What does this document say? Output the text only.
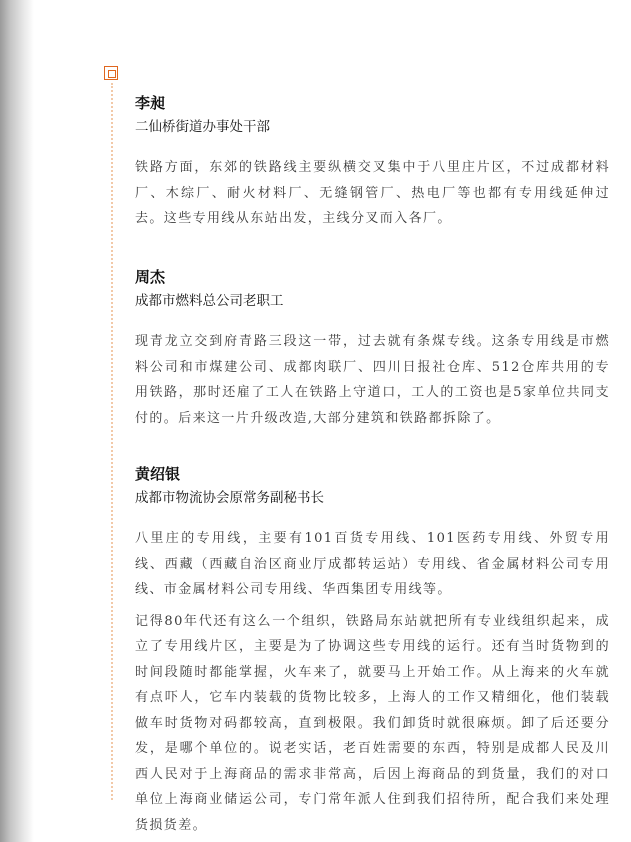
李昶
二仙桥街道办事处干部
铁路方面，东郊的铁路线主要纵横交叉集中于八里庄片区，不过成都材料厂、木综厂、耐火材料厂、无缝钢管厂、热电厂等也都有专用线延伸过去。这些专用线从东站出发，主线分叉而入各厂。
周杰
成都市燃料总公司老职工
现青龙立交到府青路三段这一带，过去就有条煤专线。这条专用线是市燃料公司和市煤建公司、成都肉联厂、四川日报社仓库、512仓库共用的专用铁路，那时还雇了工人在铁路上守道口，工人的工资也是5家单位共同支付的。后来这一片升级改造,大部分建筑和铁路都拆除了。
黄绍银
成都市物流协会原常务副秘书长
八里庄的专用线，主要有101百货专用线、101医药专用线、外贸专用线、西藏（西藏自治区商业厅成都转运站）专用线、省金属材料公司专用线、市金属材料公司专用线、华西集团专用线等。
记得80年代还有这么一个组织，铁路局东站就把所有专业线组织起来，成立了专用线片区，主要是为了协调这些专用线的运行。还有当时货物到的时间段随时都能掌握，火车来了，就要马上开始工作。从上海来的火车就有点吓人，它车内装载的货物比较多，上海人的工作又精细化，他们装载做车时货物对码都较高，直到极限。我们卸货时就很麻烦。卸了后还要分发，是哪个单位的。说老实话，老百姓需要的东西，特别是成都人民及川西人民对于上海商品的需求非常高，后因上海商品的到货量，我们的对口单位上海商业储运公司，专门常年派人住到我们招待所，配合我们来处理货损货差。
